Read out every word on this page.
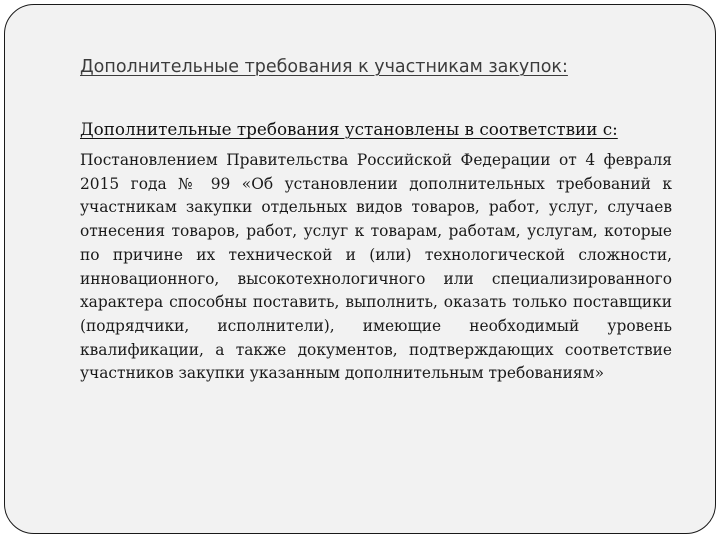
Дополнительные требования к участникам закупок:
Дополнительные требования установлены в соответствии с:

Постановлением Правительства Российской Федерации от 4 февраля 2015 года № 99 «Об установлении дополнительных требований к участникам закупки отдельных видов товаров, работ, услуг, случаев отнесения товаров, работ, услуг к товарам, работам, услугам, которые по причине их технической и (или) технологической сложности, инновационного, высокотехнологичного или специализированного характера способны поставить, выполнить, оказать только поставщики (подрядчики, исполнители), имеющие необходимый уровень квалификации, а также документов, подтверждающих соответствие участников закупки указанным дополнительным требованиям»
